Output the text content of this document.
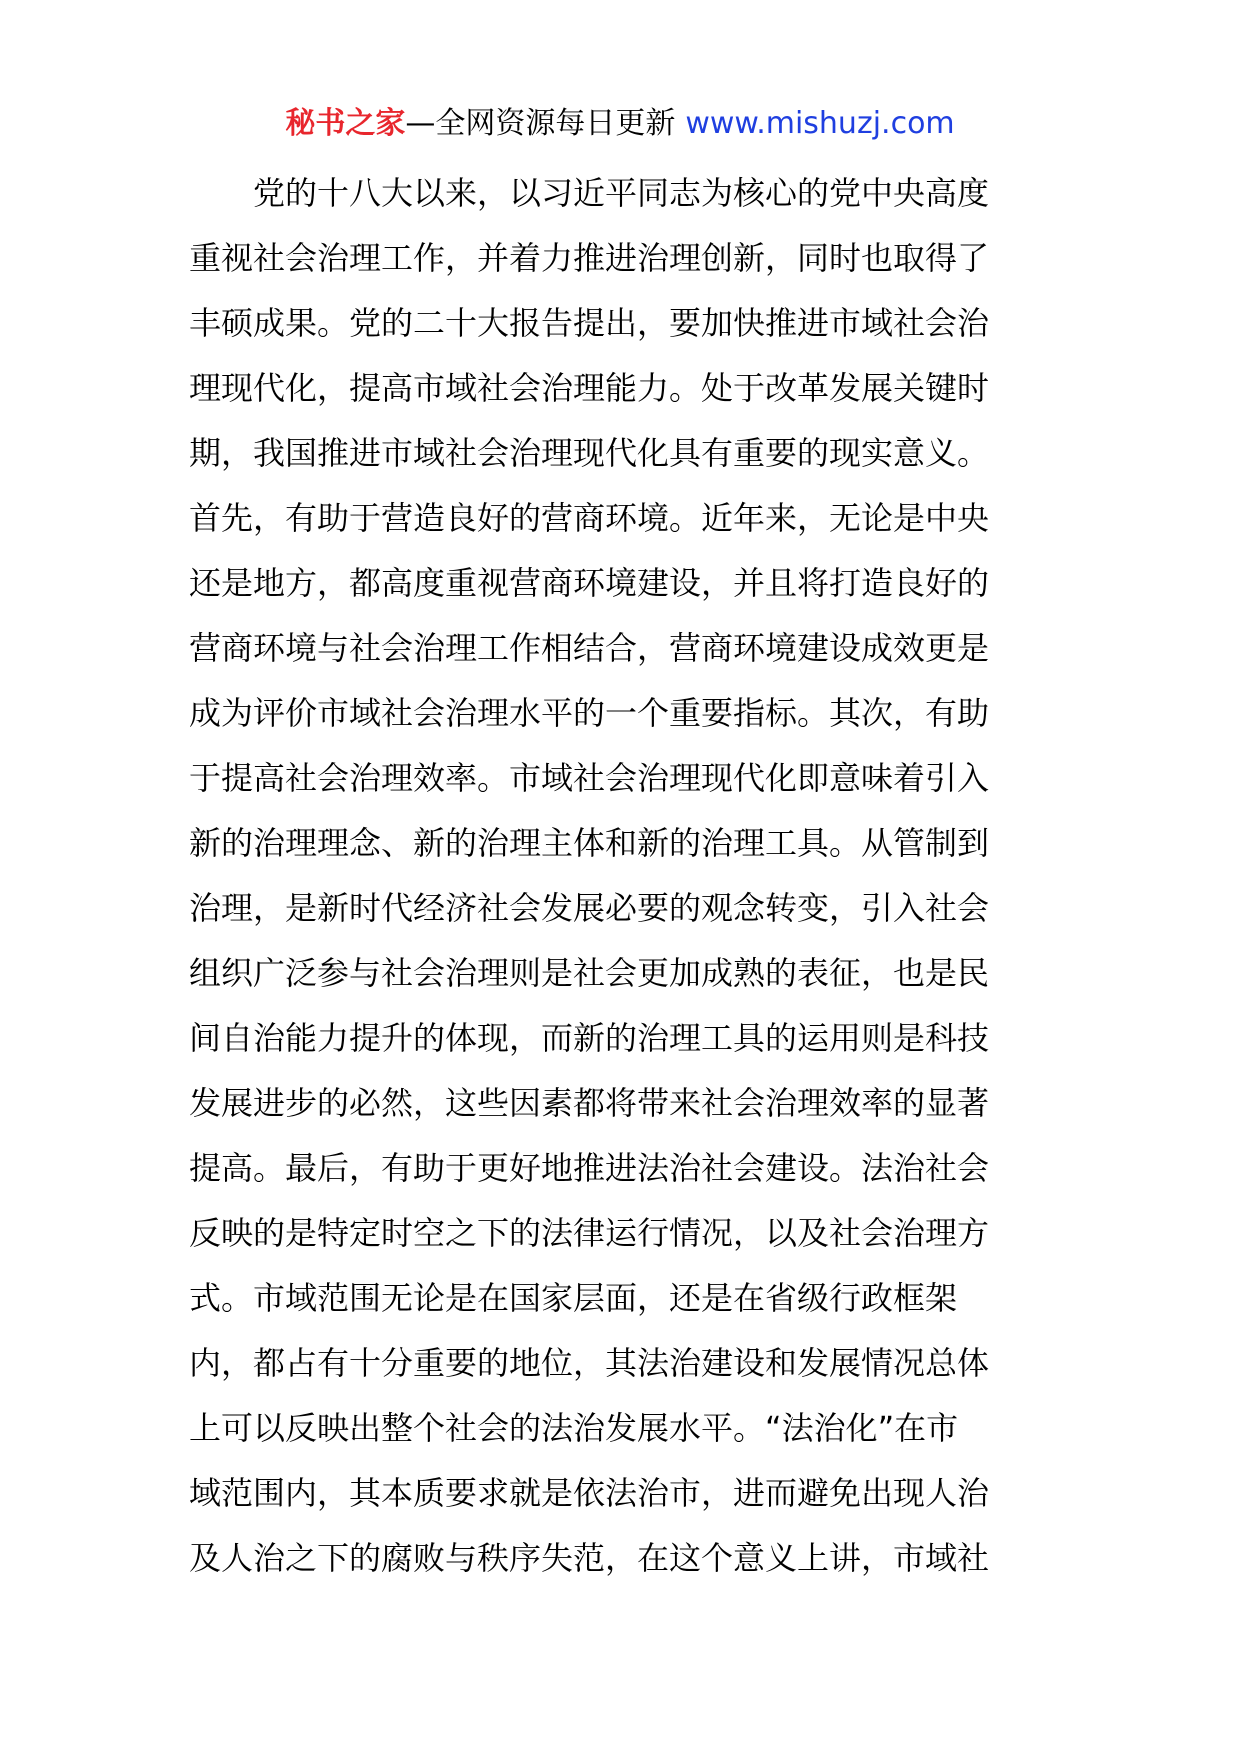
秘书之家—全网资源每日更新 www.mishuzj.com
　　党的十八大以来，以习近平同志为核心的党中央高度
重视社会治理工作，并着力推进治理创新，同时也取得了
丰硕成果。党的二十大报告提出，要加快推进市域社会治
理现代化，提高市域社会治理能力。处于改革发展关键时
期，我国推进市域社会治理现代化具有重要的现实意义。
首先，有助于营造良好的营商环境。近年来，无论是中央
还是地方，都高度重视营商环境建设，并且将打造良好的
营商环境与社会治理工作相结合，营商环境建设成效更是
成为评价市域社会治理水平的一个重要指标。其次，有助
于提高社会治理效率。市域社会治理现代化即意味着引入
新的治理理念、新的治理主体和新的治理工具。从管制到
治理，是新时代经济社会发展必要的观念转变，引入社会
组织广泛参与社会治理则是社会更加成熟的表征，也是民
间自治能力提升的体现，而新的治理工具的运用则是科技
发展进步的必然，这些因素都将带来社会治理效率的显著
提高。最后，有助于更好地推进法治社会建设。法治社会
反映的是特定时空之下的法律运行情况，以及社会治理方
式。市域范围无论是在国家层面，还是在省级行政框架
内，都占有十分重要的地位，其法治建设和发展情况总体
上可以反映出整个社会的法治发展水平。“法治化”在市
域范围内，其本质要求就是依法治市，进而避免出现人治
及人治之下的腐败与秩序失范，在这个意义上讲，市域社
